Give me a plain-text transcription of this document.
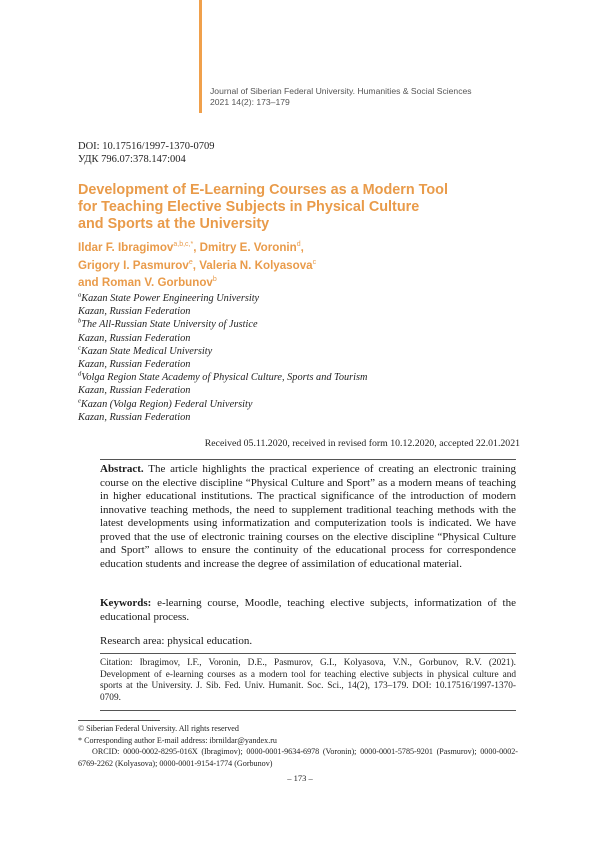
Journal of Siberian Federal University. Humanities & Social Sciences
2021 14(2): 173–179
DOI: 10.17516/1997-1370-0709
УДК 796.07:378.147:004
Development of E-Learning Courses as a Modern Tool
for Teaching Elective Subjects in Physical Culture
and Sports at the University
Ildar F. Ibragimov$^{a,b,c,*}$, Dmitry E. Voronin$^d$,
Grigory I. Pasmurov$^e$, Valeria N. Kolyasova$^c$
and Roman V. Gorbunov$^b$
$^a$Kazan State Power Engineering University
Kazan, Russian Federation
$^b$The All-Russian State University of Justice
Kazan, Russian Federation
$^c$Kazan State Medical University
Kazan, Russian Federation
$^d$Volga Region State Academy of Physical Culture, Sports and Tourism
Kazan, Russian Federation
$^e$Kazan (Volga Region) Federal University
Kazan, Russian Federation
Received 05.11.2020, received in revised form 10.12.2020, accepted 22.01.2021
Abstract. The article highlights the practical experience of creating an electronic training course on the elective discipline “Physical Culture and Sport” as a modern means of teaching in higher educational institutions. The practical significance of the introduction of modern innovative teaching methods, the need to supplement traditional teaching methods with the latest developments using informatization and computerization tools is indicated. We have proved that the use of electronic training courses on the elective discipline “Physical Culture and Sport” allows to ensure the continuity of the educational process for correspondence education students and increase the degree of assimilation of educational material.
Keywords: e-learning course, Moodle, teaching elective subjects, informatization of the educational process.
Research area: physical education.
Citation: Ibragimov, I.F., Voronin, D.E., Pasmurov, G.I., Kolyasova, V.N., Gorbunov, R.V. (2021). Development of e-learning courses as a modern tool for teaching elective subjects in physical culture and sports at the University. J. Sib. Fed. Univ. Humanit. Soc. Sci., 14(2), 173–179. DOI: 10.17516/1997-1370-0709.
© Siberian Federal University. All rights reserved
* Corresponding author E-mail address: ibrnildar@yandex.ru
ORCID: 0000-0002-8295-016X (Ibragimov); 0000-0001-9634-6978 (Voronin); 0000-0001-5785-9201 (Pasmurov); 0000-0002-6769-2262 (Kolyasova); 0000-0001-9154-1774 (Gorbunov)
– 173 –
